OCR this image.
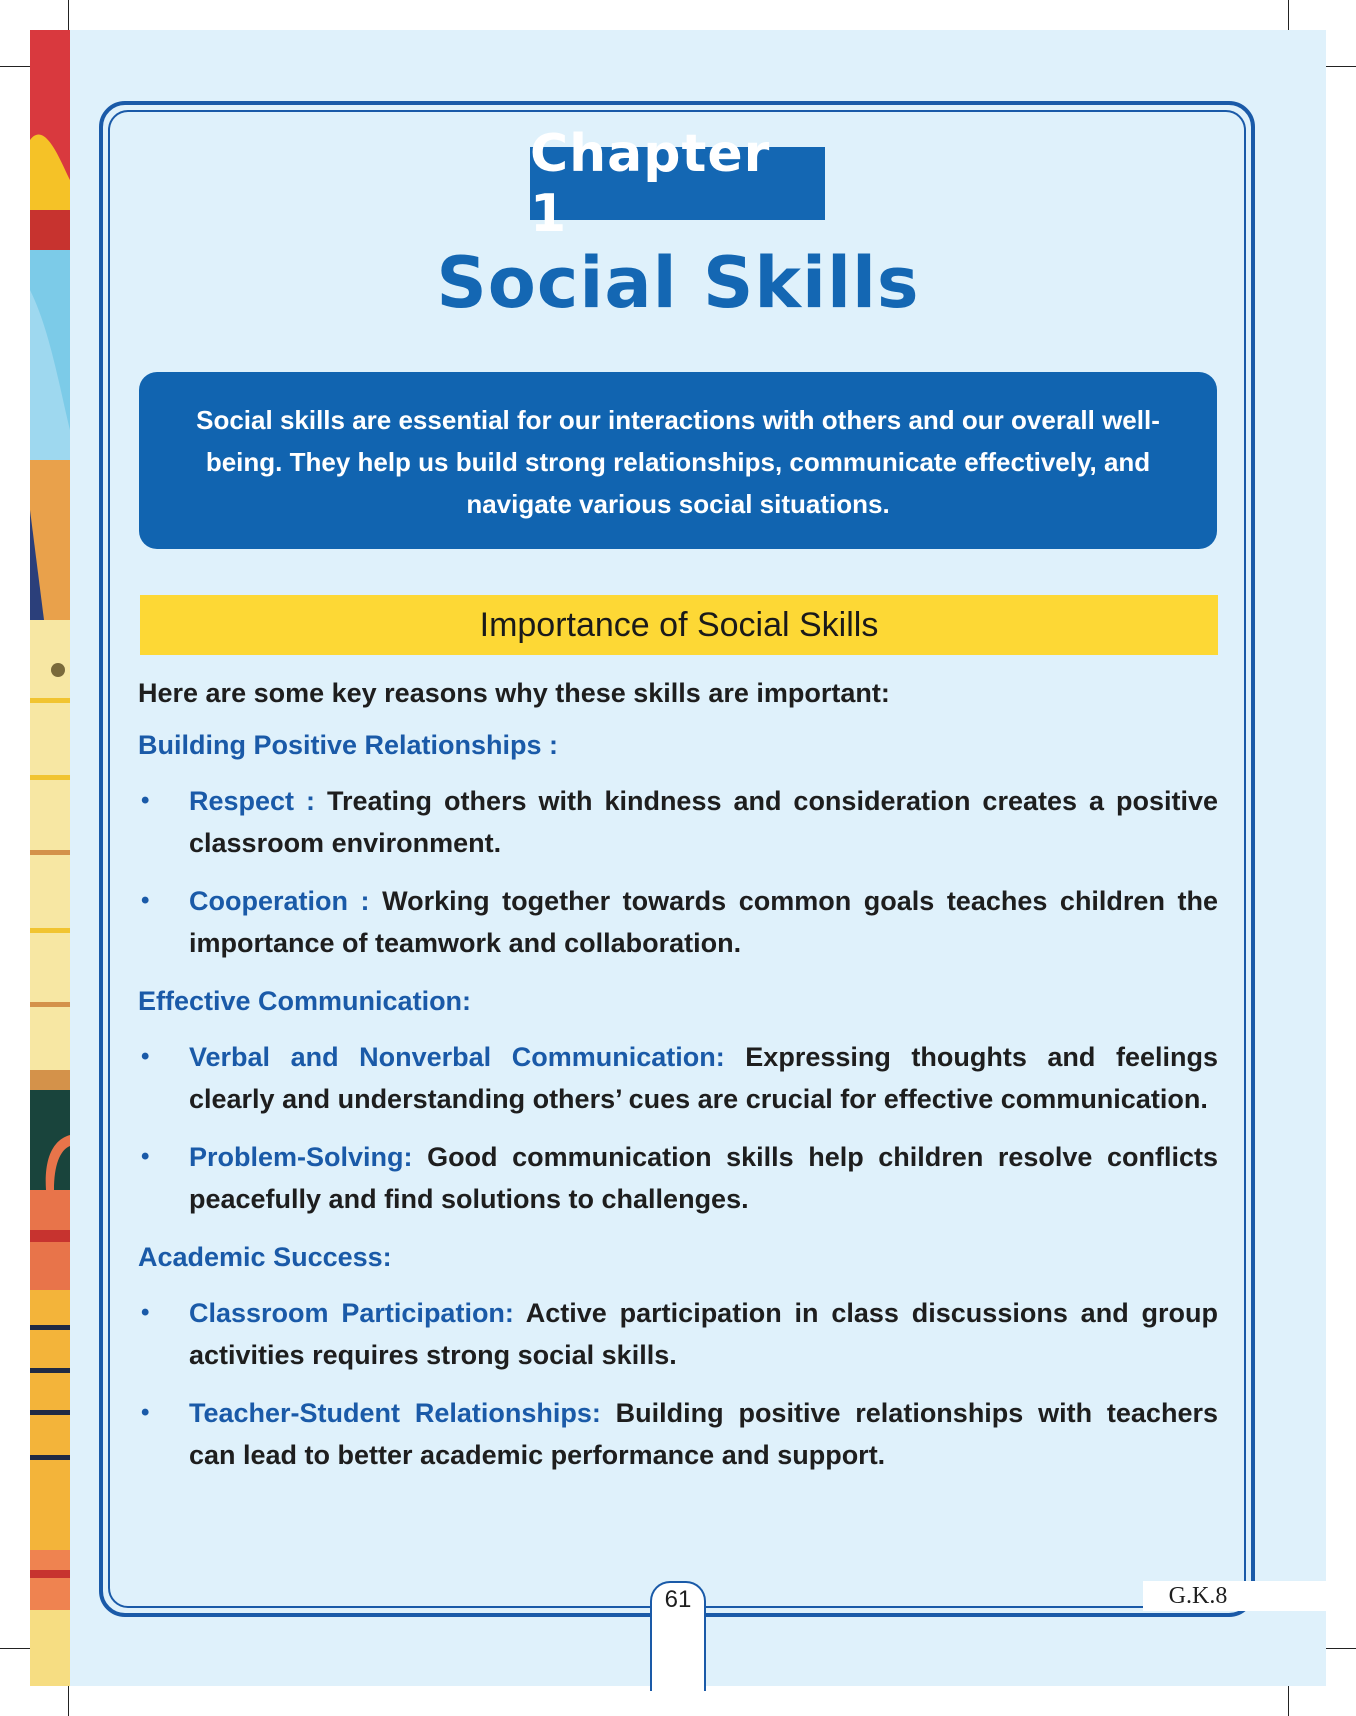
Chapter 1
Social Skills
Social skills are essential for our interactions with others and our overall well-being. They help us build strong relationships, communicate effectively, and navigate various social situations.
Importance of Social Skills

Here are some key reasons why these skills are important:

Building Positive Relationships :

• Respect : Treating others with kindness and consideration creates a positive classroom environment.
• Cooperation : Working together towards common goals teaches children the importance of teamwork and collaboration.

Effective Communication:

• Verbal and Nonverbal Communication: Expressing thoughts and feelings clearly and understanding others’ cues are crucial for effective communication.
• Problem-Solving: Good communication skills help children resolve conflicts peacefully and find solutions to challenges.

Academic Success:

• Classroom Participation: Active participation in class discussions and group activities requires strong social skills.
• Teacher-Student Relationships: Building positive relationships with teachers can lead to better academic performance and support.
61	G.K.8
